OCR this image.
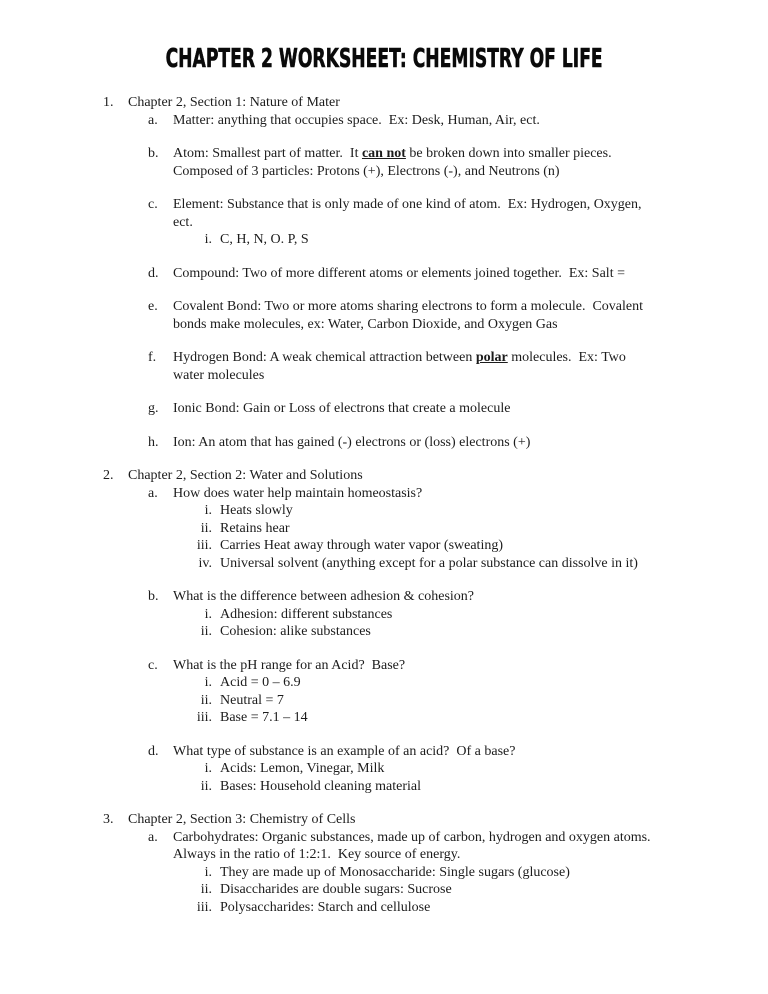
CHAPTER 2 WORKSHEET: CHEMISTRY OF LIFE
1.	Chapter 2, Section 1: Nature of Mater
a.	Matter: anything that occupies space.  Ex: Desk, Human, Air, ect.
b.	Atom: Smallest part of matter.  It can not be broken down into smaller pieces.
Composed of 3 particles: Protons (+), Electrons (-), and Neutrons (n)
c.	Element: Substance that is only made of one kind of atom.  Ex: Hydrogen, Oxygen,
ect.
i. C, H, N, O. P, S
d.	Compound: Two of more different atoms or elements joined together.  Ex: Salt =
e.	Covalent Bond: Two or more atoms sharing electrons to form a molecule.  Covalent
bonds make molecules, ex: Water, Carbon Dioxide, and Oxygen Gas
f.	Hydrogen Bond: A weak chemical attraction between polar molecules.  Ex: Two
water molecules
g.	Ionic Bond: Gain or Loss of electrons that create a molecule
h.	Ion: An atom that has gained (-) electrons or (loss) electrons (+)
2.	Chapter 2, Section 2: Water and Solutions
a.	How does water help maintain homeostasis?
i. Heats slowly
ii. Retains hear
iii. Carries Heat away through water vapor (sweating)
iv. Universal solvent (anything except for a polar substance can dissolve in it)
b.	What is the difference between adhesion & cohesion?
i. Adhesion: different substances
ii. Cohesion: alike substances
c.	What is the pH range for an Acid?  Base?
i. Acid = 0 – 6.9
ii. Neutral = 7
iii. Base = 7.1 – 14
d.	What type of substance is an example of an acid?  Of a base?
i. Acids: Lemon, Vinegar, Milk
ii. Bases: Household cleaning material
3.	Chapter 2, Section 3: Chemistry of Cells
a.	Carbohydrates: Organic substances, made up of carbon, hydrogen and oxygen atoms.
Always in the ratio of 1:2:1.  Key source of energy.
i. They are made up of Monosaccharide: Single sugars (glucose)
ii. Disaccharides are double sugars: Sucrose
iii. Polysaccharides: Starch and cellulose
